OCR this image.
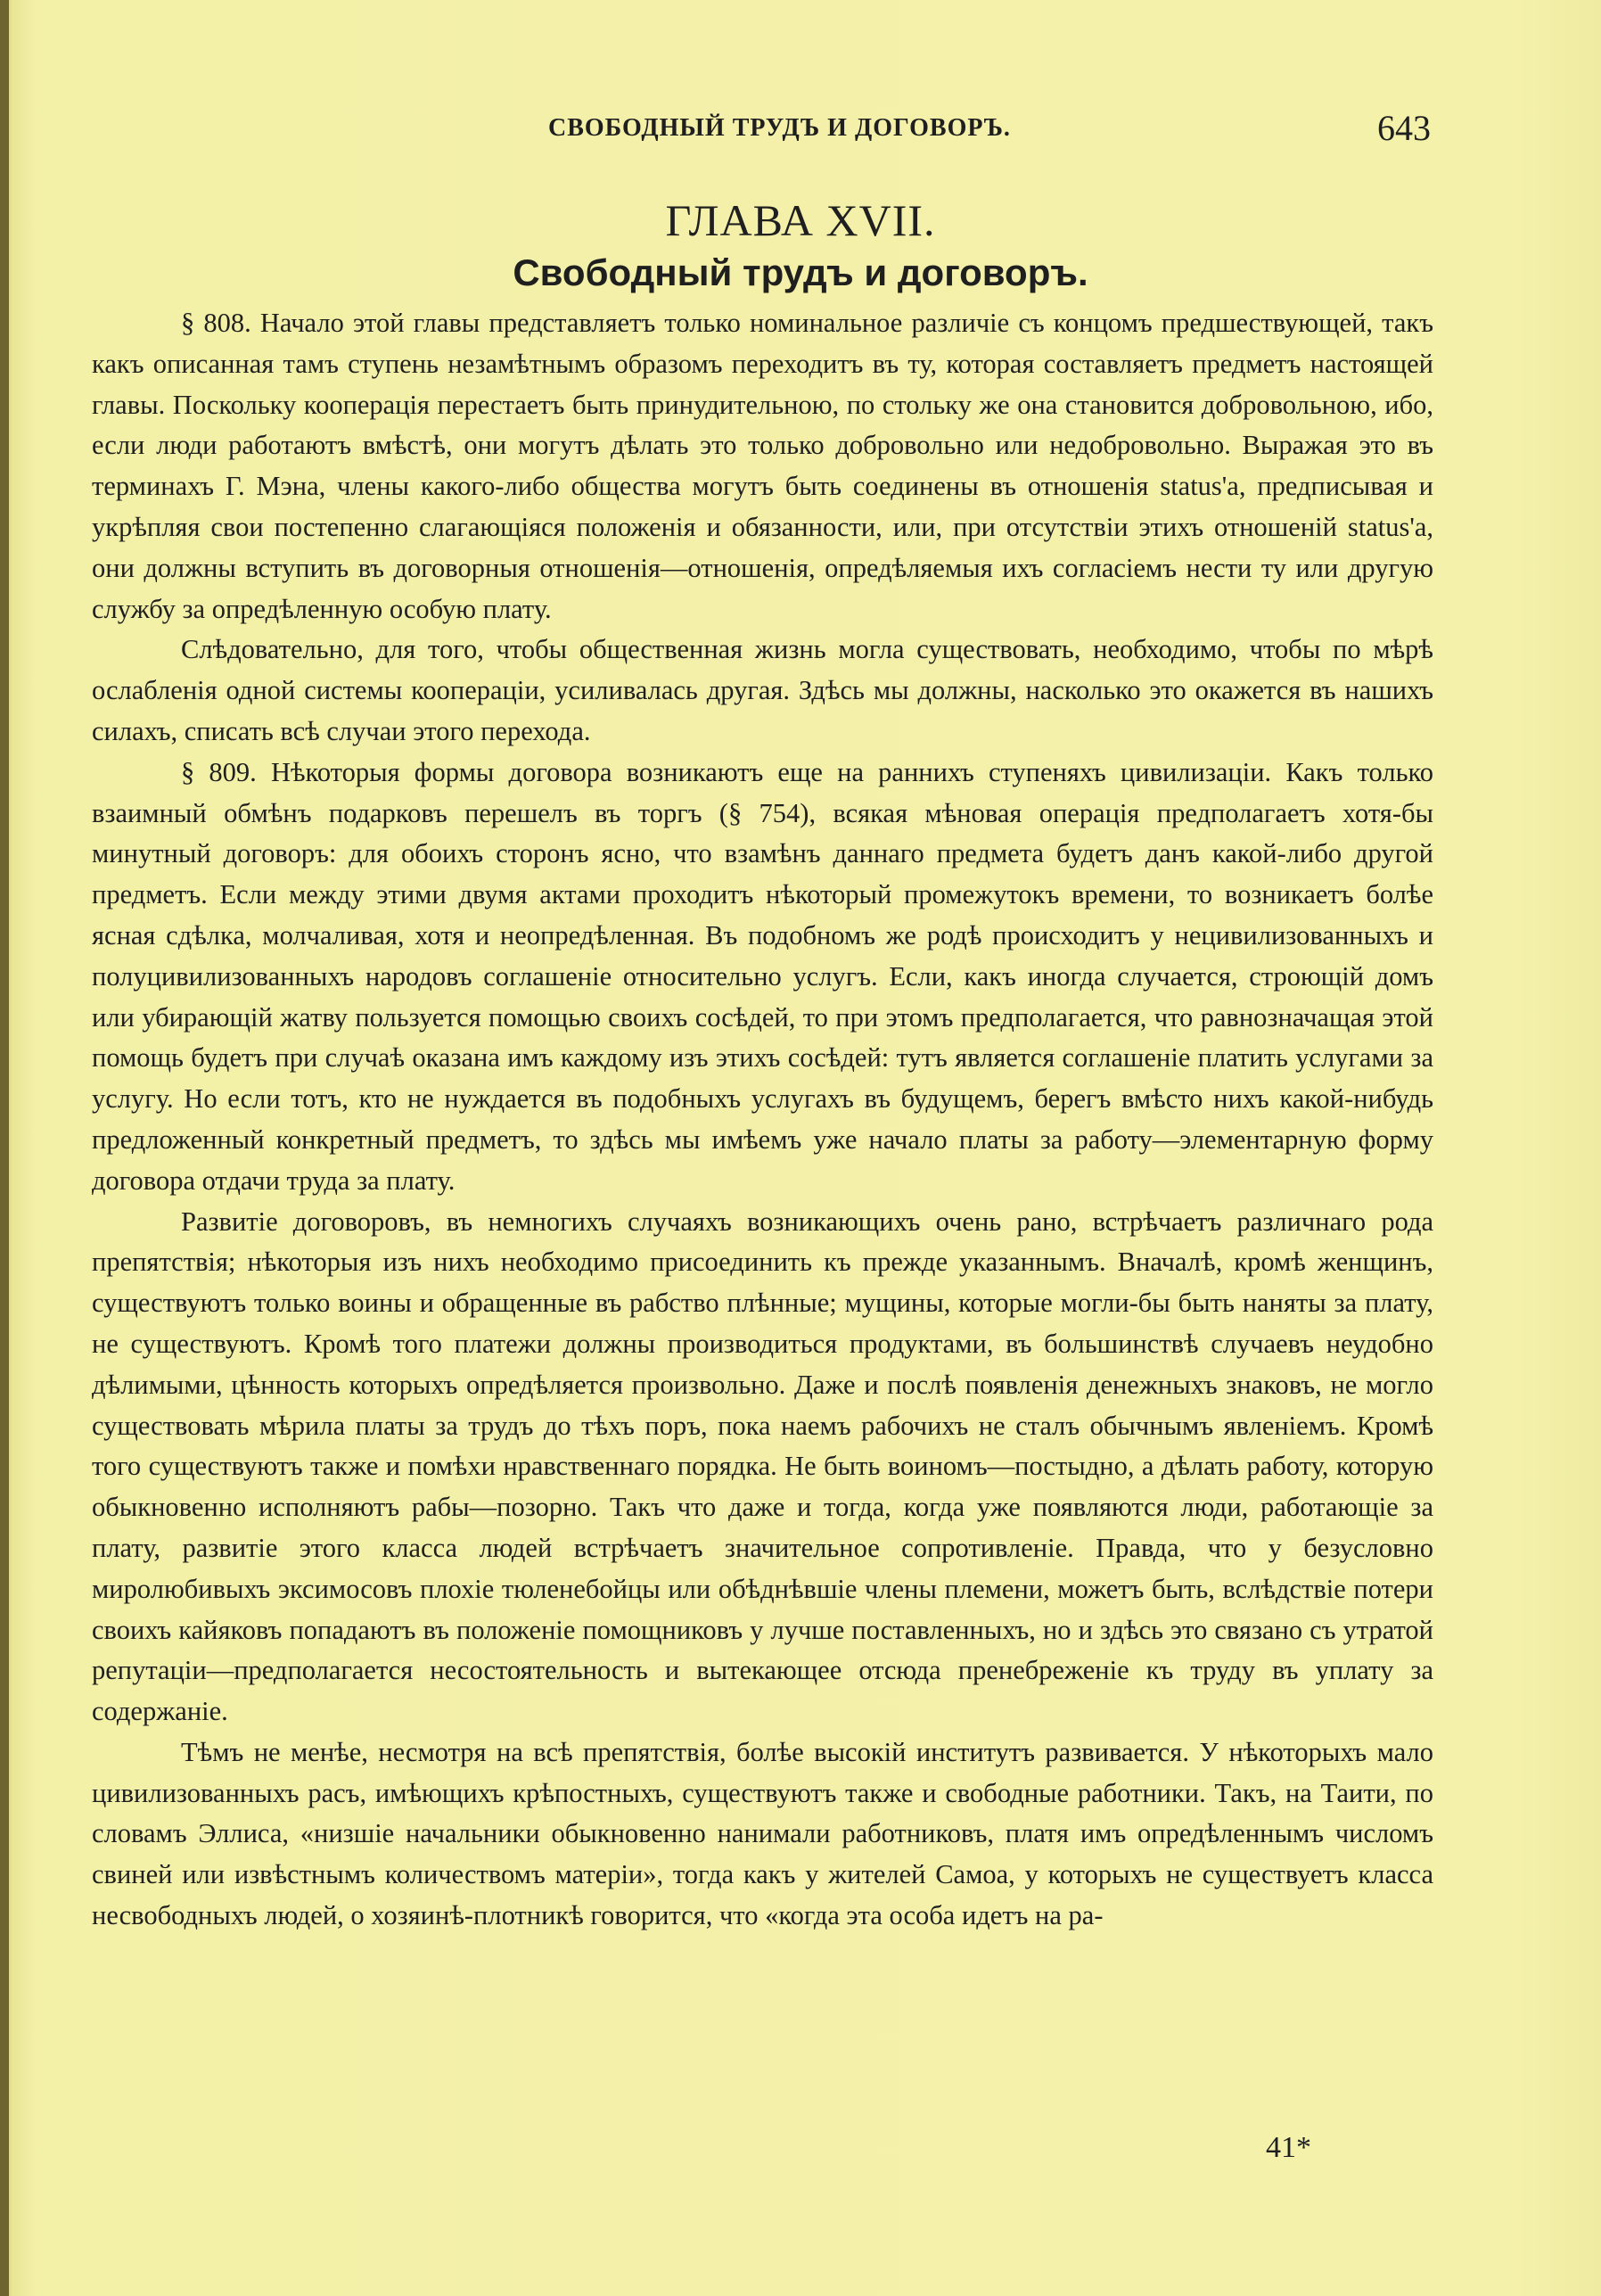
СВОБОДНЫЙ ТРУДЪ И ДОГОВОРЪ.	643
ГЛАВА XVII.
Свободный трудъ и договоръ.

§ 808. Начало этой главы представляетъ только номинальное различіе съ концомъ предшествующей, такъ какъ описанная тамъ ступень незамѣтнымъ образомъ переходитъ въ ту, которая составляетъ предметъ настоящей главы. Поскольку кооперація перестаетъ быть принудительною, по стольку же она становится добровольною, ибо, если люди работаютъ вмѣстѣ, они могутъ дѣлать это только добровольно или недобровольно. Выражая это въ терминахъ Г. Мэна, члены какого-либо общества могутъ быть соединены въ отношенія status'a, предписывая и укрѣпляя свои постепенно слагающіяся положенія и обязанности, или, при отсутствіи этихъ отношеній status'a, они должны вступить въ договорныя отношенія—отношенія, опредѣляемыя ихъ согласіемъ нести ту или другую службу за опредѣленную особую плату.

Слѣдовательно, для того, чтобы общественная жизнь могла существовать, необходимо, чтобы по мѣрѣ ослабленія одной системы коопераціи, усиливалась другая. Здѣсь мы должны, насколько это окажется въ нашихъ силахъ, списать всѣ случаи этого перехода.

§ 809. Нѣкоторыя формы договора возникаютъ еще на раннихъ ступеняхъ цивилизаціи. Какъ только взаимный обмѣнъ подарковъ перешелъ въ торгъ (§ 754), всякая мѣновая операція предполагаетъ хотя-бы минутный договоръ: для обоихъ сторонъ ясно, что взамѣнъ даннаго предмета будетъ данъ какой-либо другой предметъ. Если между этими двумя актами проходитъ нѣкоторый промежутокъ времени, то возникаетъ болѣе ясная сдѣлка, молчаливая, хотя и неопредѣленная. Въ подобномъ же родѣ происходитъ у нецивилизованныхъ и полуцивилизованныхъ народовъ соглашеніе относительно услугъ. Если, какъ иногда случается, строющій домъ или убирающій жатву пользуется помощью своихъ сосѣдей, то при этомъ предполагается, что равнозначащая этой помощь будетъ при случаѣ оказана имъ каждому изъ этихъ сосѣдей: тутъ является соглашеніе платить услугами за услугу. Но если тотъ, кто не нуждается въ подобныхъ услугахъ въ будущемъ, берегъ вмѣсто нихъ какой-нибудь предложенный конкретный предметъ, то здѣсь мы имѣемъ уже начало платы за работу—элементарную форму договора отдачи труда за плату.

Развитіе договоровъ, въ немногихъ случаяхъ возникающихъ очень рано, встрѣчаетъ различнаго рода препятствія; нѣкоторыя изъ нихъ необходимо присоединить къ прежде указаннымъ. Вначалѣ, кромѣ женщинъ, существуютъ только воины и обращенные въ рабство плѣнные; мущины, которые могли-бы быть наняты за плату, не существуютъ. Кромѣ того платежи должны производиться продуктами, въ большинствѣ случаевъ неудобно дѣлимыми, цѣнность которыхъ опредѣляется произвольно. Даже и послѣ появленія денежныхъ знаковъ, не могло существовать мѣрила платы за трудъ до тѣхъ поръ, пока наемъ рабочихъ не сталъ обычнымъ явленіемъ. Кромѣ того существуютъ также и помѣхи нравственнаго порядка. Не быть воиномъ—постыдно, а дѣлать работу, которую обыкновенно исполняютъ рабы—позорно. Такъ что даже и тогда, когда уже появляются люди, работающіе за плату, развитіе этого класса людей встрѣчаетъ значительное сопротивленіе. Правда, что у безусловно миролюбивыхъ эксимосовъ плохіе тюленебойцы или обѣднѣвшіе члены племени, можетъ быть, вслѣдствіе потери своихъ кайяковъ попадаютъ въ положеніе помощниковъ у лучше поставленныхъ, но и здѣсь это связано съ утратой репутаціи—предполагается несостоятельность и вытекающее отсюда пренебреженіе къ труду въ уплату за содержаніе.

Тѣмъ не менѣе, несмотря на всѣ препятствія, болѣе высокій институтъ развивается. У нѣкоторыхъ мало цивилизованныхъ расъ, имѣющихъ крѣпостныхъ, существуютъ также и свободные работники. Такъ, на Таити, по словамъ Эллиса, «низшіе начальники обыкновенно нанимали работниковъ, платя имъ опредѣленнымъ числомъ свиней или извѣстнымъ количествомъ матеріи», тогда какъ у жителей Самоа, у которыхъ не существуетъ класса несвободныхъ людей, о хозяинѣ-плотникѣ говорится, что «когда эта особа идетъ на ра-

41*
